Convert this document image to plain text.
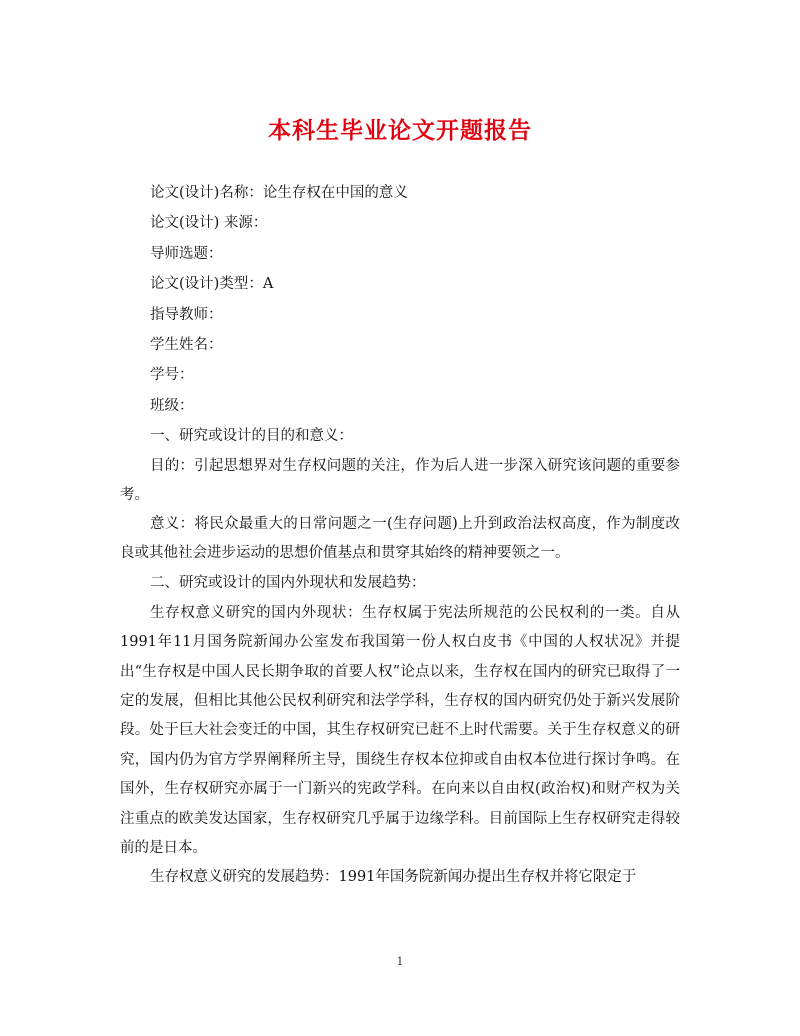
本科生毕业论文开题报告
论文(设计)名称：论生存权在中国的意义
论文(设计) 来源：
导师选题：
论文(设计)类型：A
指导教师：
学生姓名：
学号：
班级：
一、研究或设计的目的和意义：

目的：引起思想界对生存权问题的关注，作为后人进一步深入研究该问题的重要参考。

意义：将民众最重大的日常问题之一(生存问题)上升到政治法权高度，作为制度改良或其他社会进步运动的思想价值基点和贯穿其始终的精神要领之一。

二、研究或设计的国内外现状和发展趋势：

生存权意义研究的国内外现状：生存权属于宪法所规范的公民权利的一类。自从1991年11月国务院新闻办公室发布我国第一份人权白皮书《中国的人权状况》并提出“生存权是中国人民长期争取的首要人权”论点以来，生存权在国内的研究已取得了一定的发展，但相比其他公民权利研究和法学学科，生存权的国内研究仍处于新兴发展阶段。处于巨大社会变迁的中国，其生存权研究已赶不上时代需要。关于生存权意义的研究，国内仍为官方学界阐释所主导，围绕生存权本位抑或自由权本位进行探讨争鸣。在国外，生存权研究亦属于一门新兴的宪政学科。在向来以自由权(政治权)和财产权为关注重点的欧美发达国家，生存权研究几乎属于边缘学科。目前国际上生存权研究走得较前的是日本。

生存权意义研究的发展趋势：1991年国务院新闻办提出生存权并将它限定于

1
